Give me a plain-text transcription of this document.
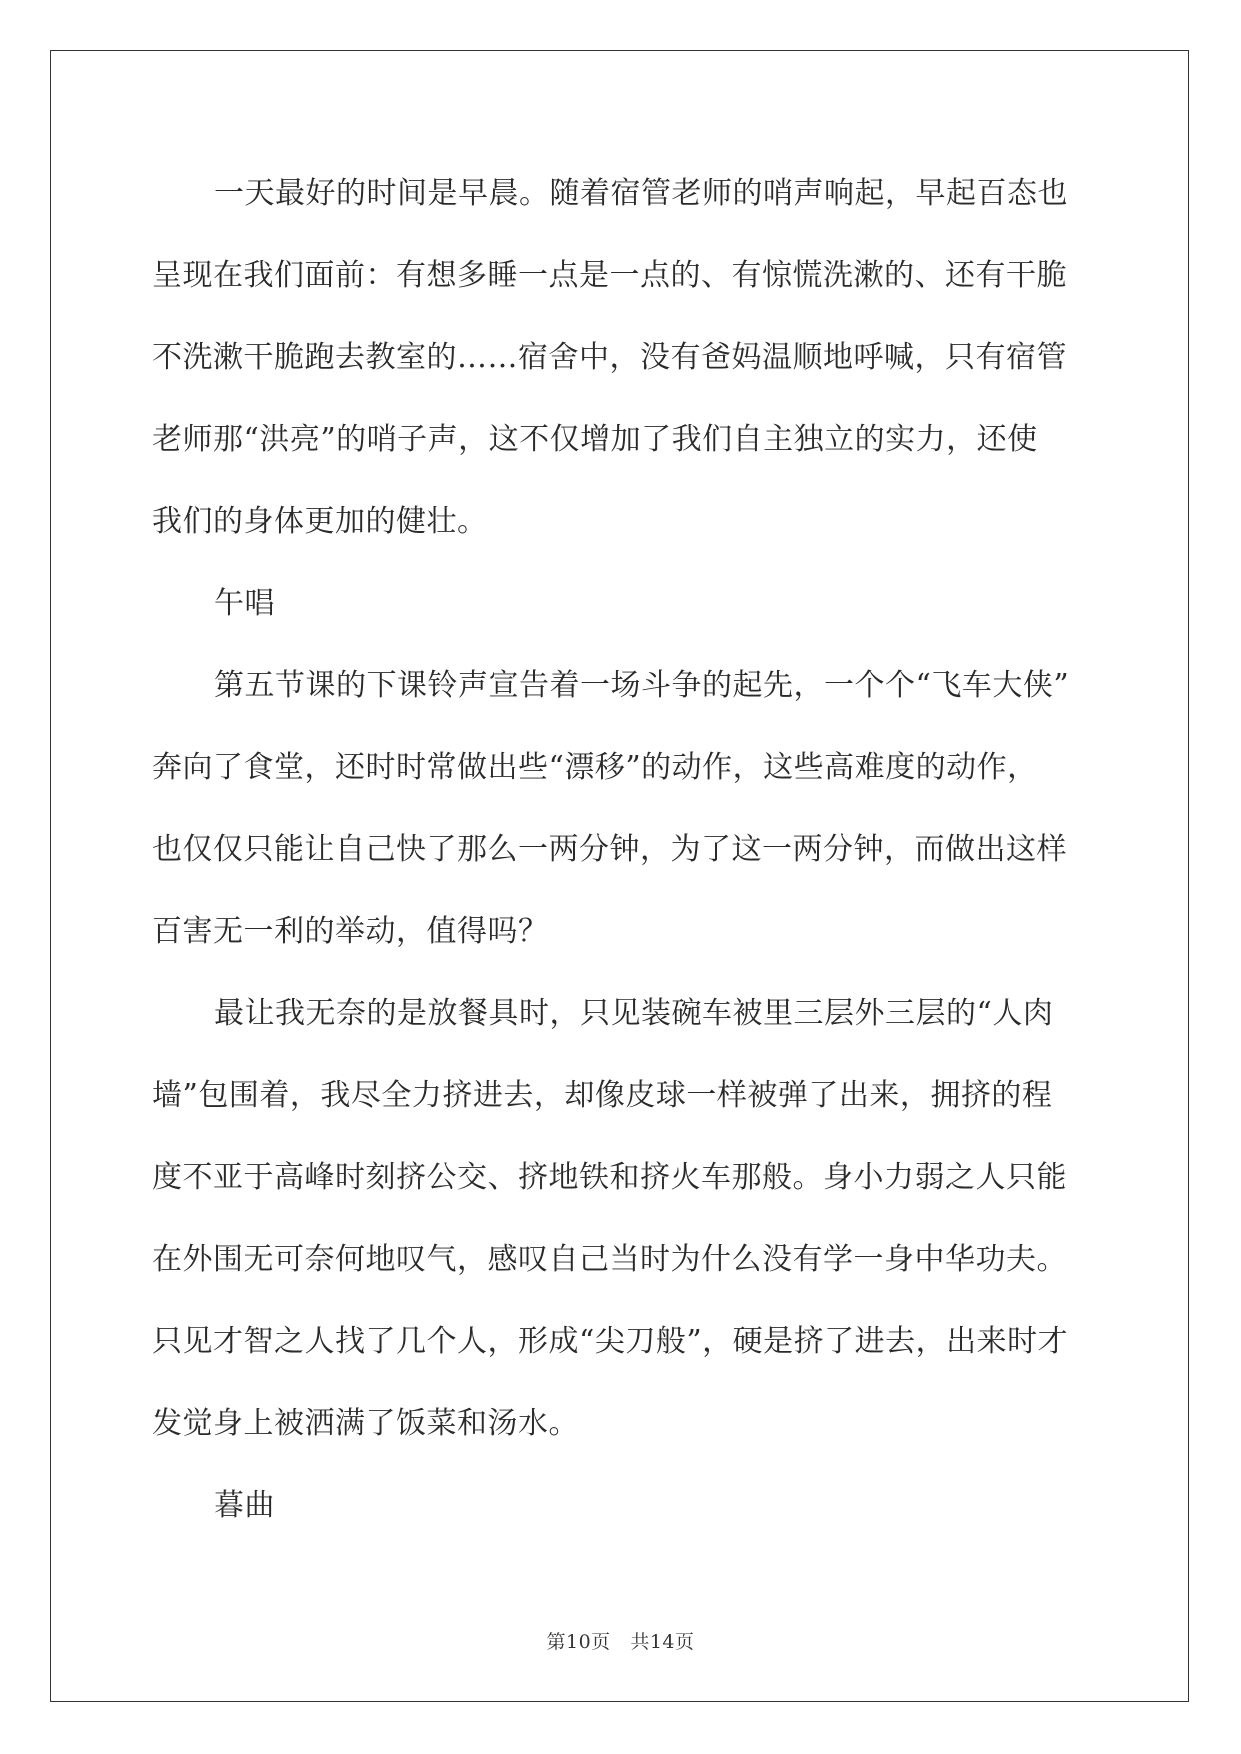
一天最好的时间是早晨。随着宿管老师的哨声响起，早起百态也
呈现在我们面前：有想多睡一点是一点的、有惊慌洗漱的、还有干脆
不洗漱干脆跑去教室的……宿舍中，没有爸妈温顺地呼喊，只有宿管
老师那“洪亮”的哨子声，这不仅增加了我们自主独立的实力，还使
我们的身体更加的健壮。
午唱
第五节课的下课铃声宣告着一场斗争的起先，一个个“飞车大侠”
奔向了食堂，还时时常做出些“漂移”的动作，这些高难度的动作，
也仅仅只能让自己快了那么一两分钟，为了这一两分钟，而做出这样
百害无一利的举动，值得吗？
最让我无奈的是放餐具时，只见装碗车被里三层外三层的“人肉
墙”包围着，我尽全力挤进去，却像皮球一样被弹了出来，拥挤的程
度不亚于高峰时刻挤公交、挤地铁和挤火车那般。身小力弱之人只能
在外围无可奈何地叹气，感叹自己当时为什么没有学一身中华功夫。
只见才智之人找了几个人，形成“尖刀般”，硬是挤了进去，出来时才
发觉身上被洒满了饭菜和汤水。
暮曲
第10页 共14页
